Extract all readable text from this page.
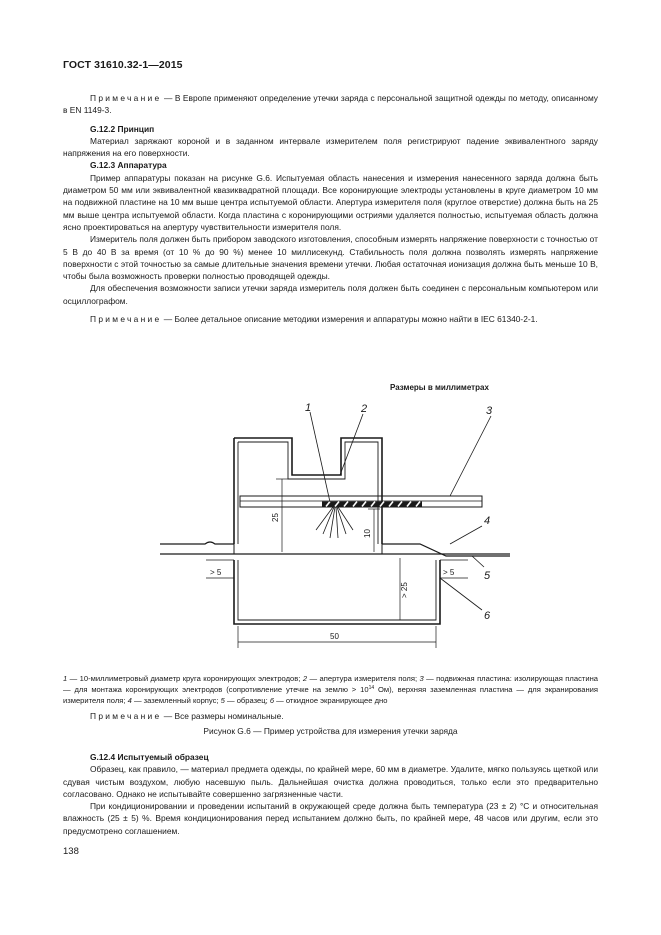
ГОСТ 31610.32-1—2015

Примечание — В Европе применяют определение утечки заряда с персональной защитной одежды по методу, описанному в EN 1149-3.

G.12.2 Принцип

Материал заряжают короной и в заданном интервале измерителем поля регистрируют падение эквивалентного заряду напряжения на его поверхности.

G.12.3 Аппаратура

Пример аппаратуры показан на рисунке G.6. Испытуемая область нанесения и измерения нанесенного заряда должна быть диаметром 50 мм или эквивалентной квазиквадратной площади. Все коронирующие электроды установлены в круге диаметром 10 мм на подвижной пластине на 10 мм выше центра испытуемой области. Апертура измерителя поля (круглое отверстие) должна быть на 25 мм выше центра испытуемой области. Когда пластина с коронирующими остриями удаляется полностью, испытуемая область должна ясно проектироваться на апертуру чувствительности измерителя поля.

Измеритель поля должен быть прибором заводского изготовления, способным измерять напряжение поверхности с точностью от 5 В до 40 В за время (от 10 % до 90 %) менее 10 миллисекунд. Стабильность поля должна позволять измерять напряжение поверхности с этой точностью за самые длительные значения времени утечки. Любая остаточная ионизация должна быть меньше 10 В, чтобы была возможность проверки полностью проводящей одежды.

Для обеспечения возможности записи утечки заряда измеритель поля должен быть соединен с персональным компьютером или осциллографом.

Примечание — Более детальное описание методики измерения и аппаратуры можно найти в IEC 61340-2-1.

Размеры в миллиметрах
25
10
> 5	> 5
> 25
50
1	2	3
4
5
6
1 — 10-миллиметровый диаметр круга коронирующих электродов; 2 — апертура измерителя поля; 3 — подвижная пластина: изолирующая пластина — для монтажа коронирующих электродов (сопротивление утечке на землю > $10^{14}$ Ом), верхняя заземленная пластина — для экранирования измерителя поля; 4 — заземленный корпус; 5 — образец; 6 — откидное экранирующее дно

Примечание — Все размеры номинальные.

Рисунок G.6 — Пример устройства для измерения утечки заряда

G.12.4 Испытуемый образец

Образец, как правило, — материал предмета одежды, по крайней мере, 60 мм в диаметре. Удалите, мягко пользуясь щеткой или сдувая чистым воздухом, любую насевшую пыль. Дальнейшая очистка должна проводиться, только если это предварительно согласовано. Однако не испытывайте совершенно загрязненные части.

При кондиционировании и проведении испытаний в окружающей среде должна быть температура (23 ± 2) °С и относительная влажность (25 ± 5) %. Время кондиционирования перед испытанием должно быть, по крайней мере, 48 часов или другим, если это предусмотрено соглашением.

138
